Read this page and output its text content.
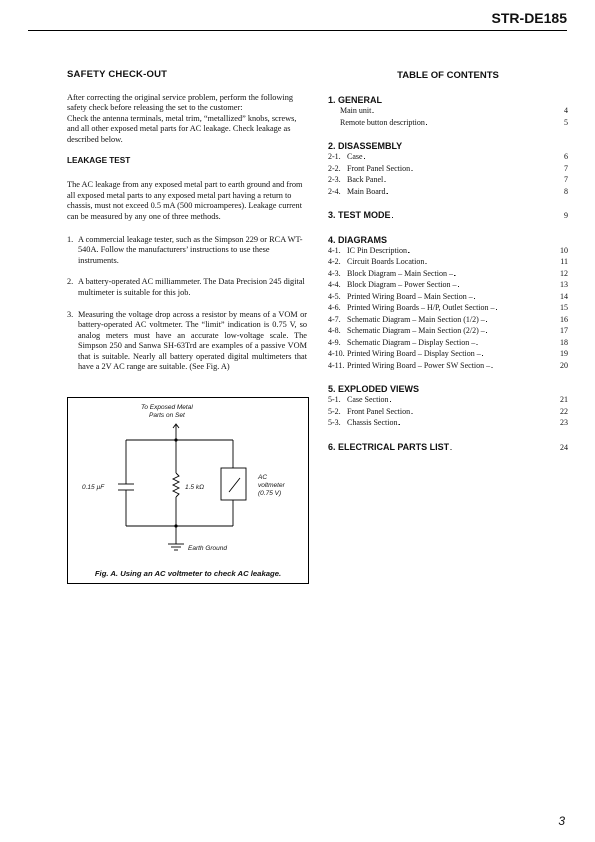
STR-DE185
SAFETY CHECK-OUT

After correcting the original service problem, perform the following safety check before releasing the set to the customer:

Check the antenna terminals, metal trim, “metallized” knobs, screws, and all other exposed metal parts for AC leakage. Check leakage as described below.

LEAKAGE TEST

The AC leakage from any exposed metal part to earth ground and from all exposed metal parts to any exposed metal part having a return to chassis, must not exceed 0.5 mA (500 microamperes). Leakage current can be measured by any one of three methods.

1. A commercial leakage tester, such as the Simpson 229 or RCA WT-540A. Follow the manufacturers’ instructions to use these instruments.
2. A battery-operated AC milliammeter. The Data Precision 245 digital multimeter is suitable for this job.
3. Measuring the voltage drop across a resistor by means of a VOM or battery-operated AC voltmeter. The “limit” indication is 0.75 V, so analog meters must have an accurate low-voltage scale. The Simpson 250 and Sanwa SH-63Trd are examples of a passive VOM that is suitable. Nearly all battery operated digital multimeters that have a 2V AC range are suitable. (See Fig. A)
To Exposed Metal
Parts on Set
0.15 µF	1.5 kΩ
AC
voltmeter
(0.75 V)
Earth Ground
Fig. A. Using an AC voltmeter to check AC leakage.
TABLE OF CONTENTS
1. GENERAL
Main unit . . .	4
Remote button description . . .	5
2. DISASSEMBLY
2-1. Case . . .	6
2-2. Front Panel Section . . .	7
2-3. Back Panel . . .	7
2-4. Main Board . . .	8
3. TEST MODE . . .	9
4. DIAGRAMS
4-1. IC Pin Description . . .	10
4-2. Circuit Boards Location . . .	11
4-3. Block Diagram – Main Section – . . .	12
4-4. Block Diagram – Power Section – . . .	13
4-5. Printed Wiring Board – Main Section – . . .	14
4-6. Printed Wiring Boards – H/P, Outlet Section – . . .	15
4-7. Schematic Diagram – Main Section (1/2) – . . .	16
4-8. Schematic Diagram – Main Section (2/2) – . . .	17
4-9. Schematic Diagram – Display Section – . . .	18
4-10. Printed Wiring Board – Display Section – . . .	19
4-11. Printed Wiring Board – Power SW Section – . . .	20
5. EXPLODED VIEWS
5-1. Case Section . . .	21
5-2. Front Panel Section . . .	22
5-3. Chassis Section . . .	23
6. ELECTRICAL PARTS LIST . . .	24
3
